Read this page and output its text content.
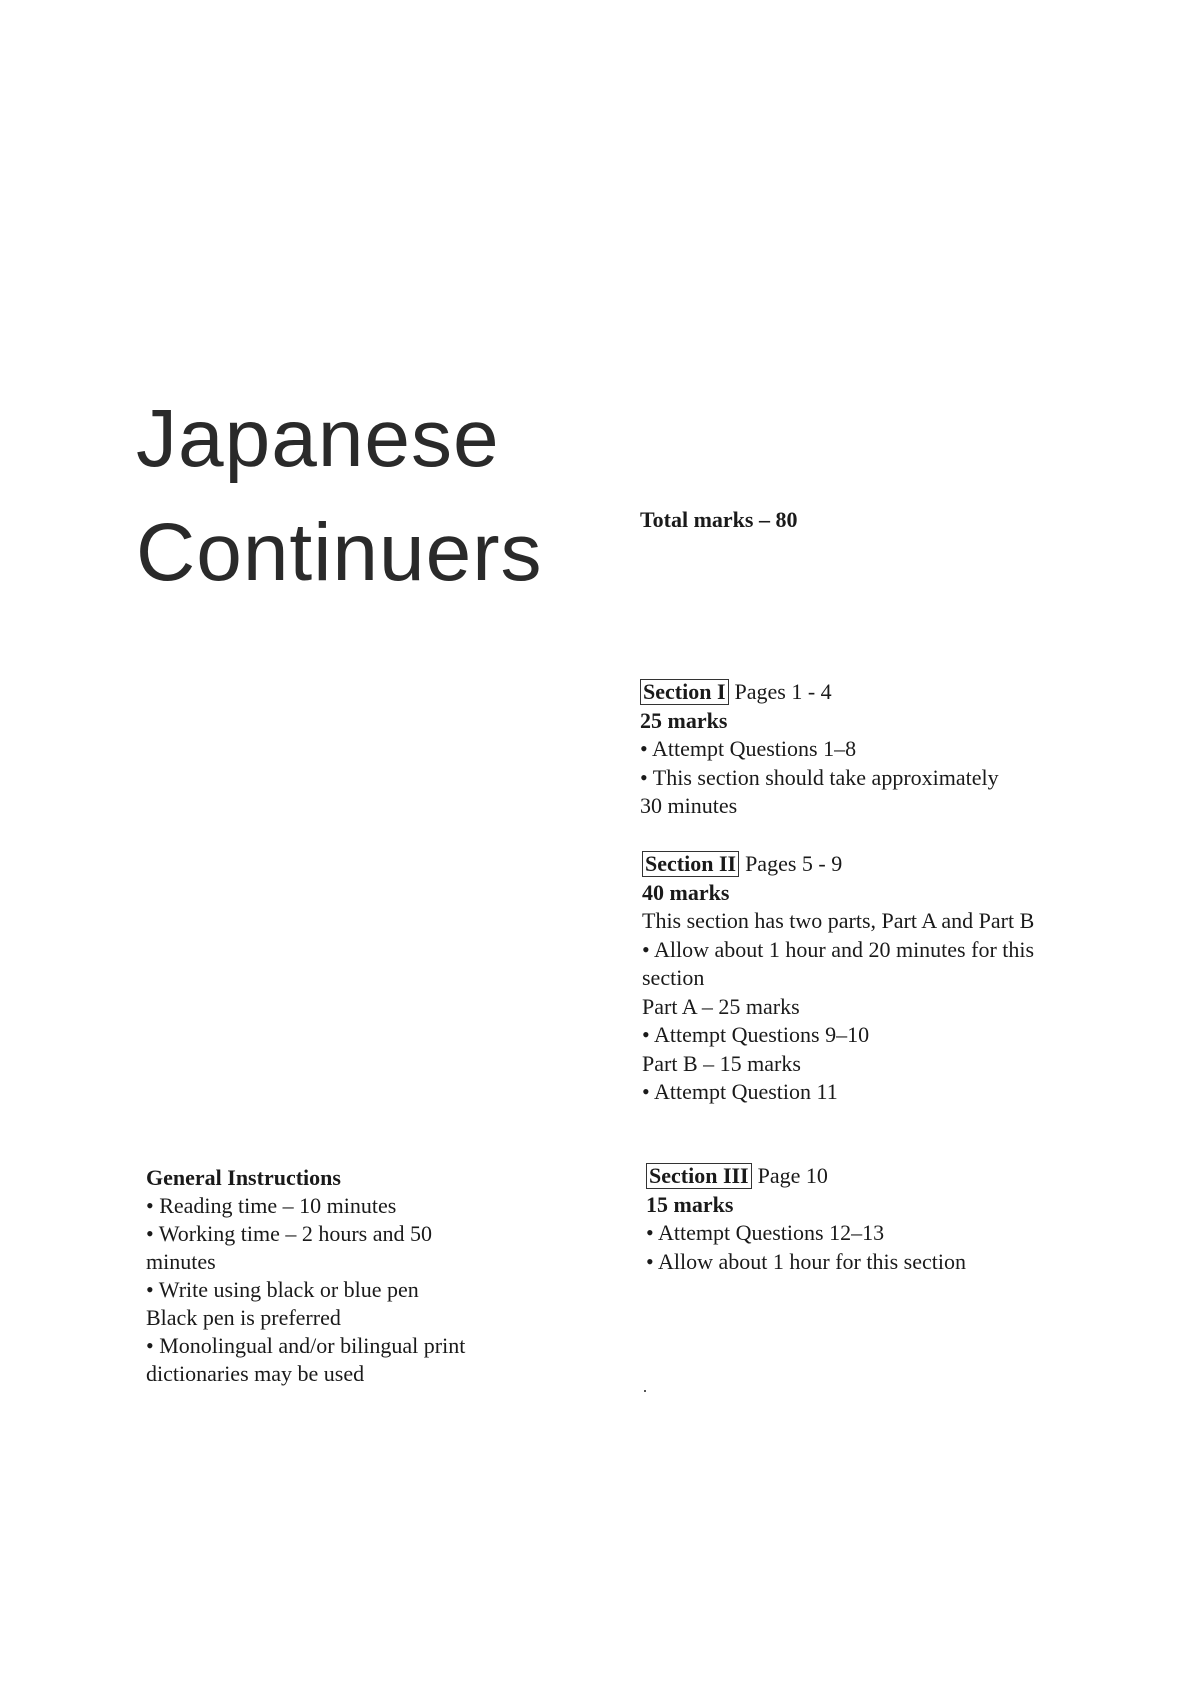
Japanese
Continuers	Total marks – 80
Section I Pages 1 - 4
25 marks
• Attempt Questions 1–8
• This section should take approximately 30 minutes
Section II Pages 5 - 9
40 marks
This section has two parts, Part A and Part B
• Allow about 1 hour and 20 minutes for this section
Part A – 25 marks
• Attempt Questions 9–10
Part B – 15 marks
• Attempt Question 11
Section III Page 10
15 marks
• Attempt Questions 12–13
• Allow about 1 hour for this section
General Instructions
• Reading time – 10 minutes
• Working time – 2 hours and 50 minutes
• Write using black or blue pen Black pen is preferred
• Monolingual and/or bilingual print dictionaries may be used
